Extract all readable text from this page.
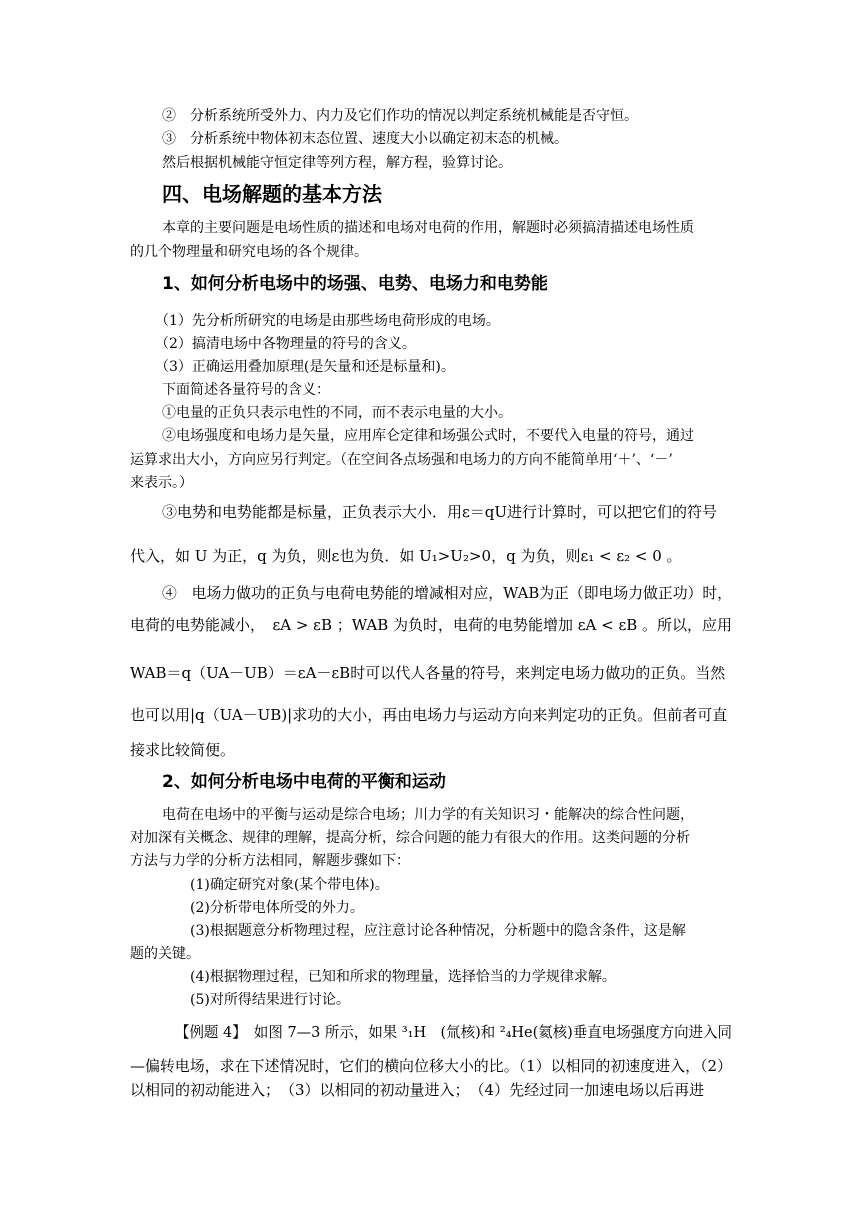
②　分析系统所受外力、内力及它们作功的情况以判定系统机械能是否守恒。
③　分析系统中物体初末态位置、速度大小以确定初末态的机械。
然后根据机械能守恒定律等列方程，解方程，验算讨论。
四、电场解题的基本方法
本章的主要问题是电场性质的描述和电场对电荷的作用，解题时必须搞清描述电场性质
的几个物理量和研究电场的各个规律。
1、如何分析电场中的场强、电势、电场力和电势能
（1）先分析所研究的电场是由那些场电荷形成的电场。
（2）搞清电场中各物理量的符号的含义。
（3）正确运用叠加原理(是矢量和还是标量和)。
下面简述各量符号的含义：
①电量的正负只表示电性的不同，而不表示电量的大小。
②电场强度和电场力是矢量，应用库仑定律和场强公式时，不要代入电量的符号，通过
运算求出大小，方向应另行判定。（在空间各点场强和电场力的方向不能简单用‘＋’、‘－’
来表示。）
③电势和电势能都是标量，正负表示大小．用ε＝qU进行计算时，可以把它们的符号
代入，如 U 为正，q 为负，则ε也为负．如 U₁>U₂>0，q 为负，则ε₁ < ε₂ < 0 。
④　电场力做功的正负与电荷电势能的增减相对应，WAB为正（即电场力做正功）时，
电荷的电势能减小，　εA > εB ；WAB 为负时，电荷的电势能增加 εA < εB 。所以，应用
WAB＝q（UA－UB）＝εA－εB时可以代人各量的符号，来判定电场力做功的正负。当然
也可以用|q（UA－UB)|求功的大小，再由电场力与运动方向来判定功的正负。但前者可直
接求比较简便。
2、如何分析电场中电荷的平衡和运动
电荷在电场中的平衡与运动是综合电场；川力学的有关知识习・能解决的综合性问题，
对加深有关概念、规律的理解，提高分析，综合问题的能力有很大的作用。这类问题的分析
方法与力学的分析方法相同，解题步骤如下：
(1)确定研究对象(某个带电体)。
(2)分析带电体所受的外力。
(3)根据题意分析物理过程，应注意讨论各种情况，分析题中的隐含条件，这是解
题的关键。
(4)根据物理过程，已知和所求的物理量，选择恰当的力学规律求解。
(5)对所得结果进行讨论。
【例题 4】　如图 7—3 所示，如果 ³₁H　(氚核)和 ²₄He(氦核)垂直电场强度方向进入同
—偏转电场，求在下述情况时，它们的横向位移大小的比。（1）以相同的初速度进入，（2）
以相同的初动能进入；　（3）以相同的初动量进入；　（4）先经过同一加速电场以后再进
